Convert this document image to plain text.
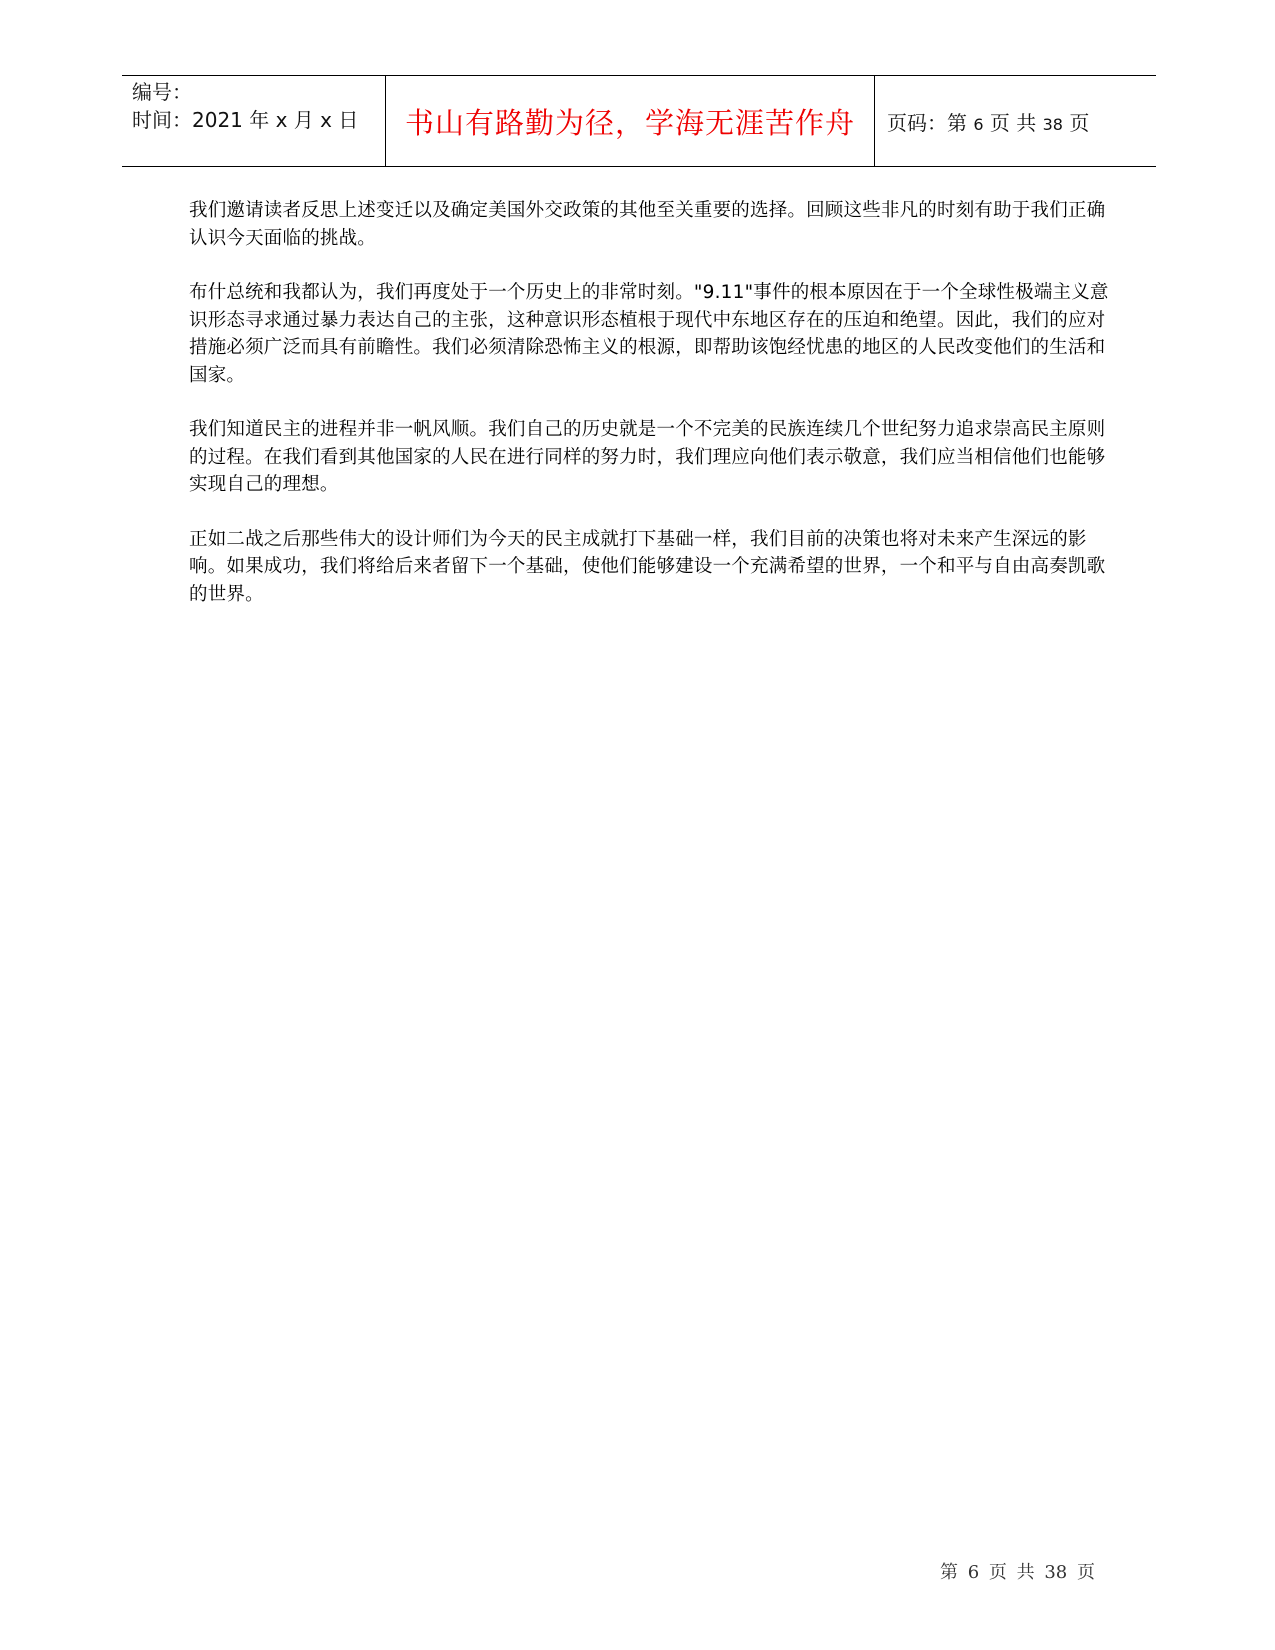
编号：
时间：2021 年 x 月 x 日	书山有路勤为径，学海无涯苦作舟 页码：第 6 页 共 38 页

我们邀请读者反思上述变迁以及确定美国外交政策的其他至关重要的选择。回顾这些非凡的时刻有助于我们正确认识今天面临的挑战。

布什总统和我都认为，我们再度处于一个历史上的非常时刻。"9.11"事件的根本原因在于一个全球性极端主义意识形态寻求通过暴力表达自己的主张，这种意识形态植根于现代中东地区存在的压迫和绝望。因此，我们的应对措施必须广泛而具有前瞻性。我们必须清除恐怖主义的根源，即帮助该饱经忧患的地区的人民改变他们的生活和国家。

我们知道民主的进程并非一帆风顺。我们自己的历史就是一个不完美的民族连续几个世纪努力追求崇高民主原则的过程。在我们看到其他国家的人民在进行同样的努力时，我们理应向他们表示敬意，我们应当相信他们也能够实现自己的理想。

正如二战之后那些伟大的设计师们为今天的民主成就打下基础一样，我们目前的决策也将对未来产生深远的影响。如果成功，我们将给后来者留下一个基础，使他们能够建设一个充满希望的世界，一个和平与自由高奏凯歌的世界。

第 6 页 共 38 页
